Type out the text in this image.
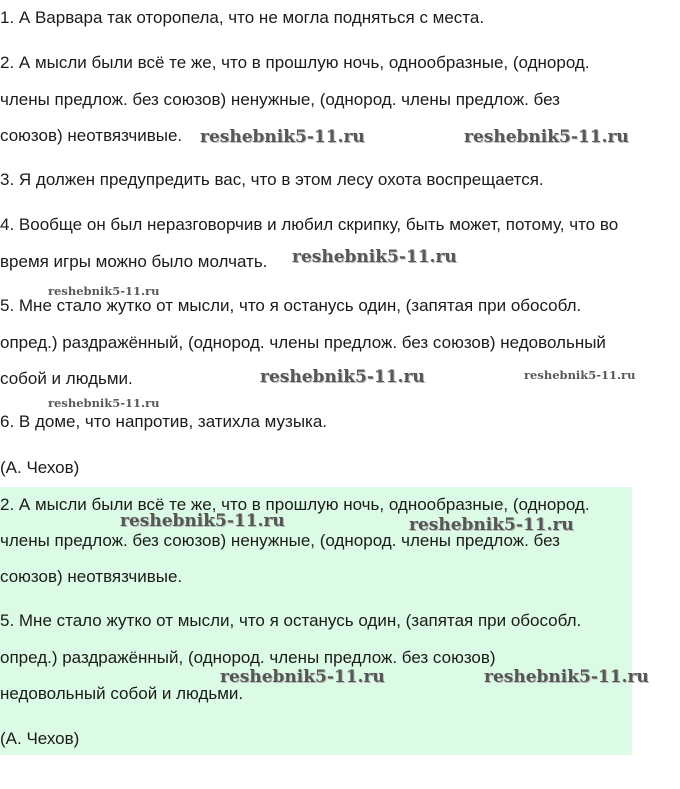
1. А Варвара так оторопела, что не могла подняться с места.
2. А мысли были всё те же, что в прошлую ночь, однообразные, (однород.
члены предлож. без союзов) ненужные, (однород. члены предлож. без
союзов) неотвязчивые.
3. Я должен предупредить вас, что в этом лесу охота воспрещается.
4. Вообще он был неразговорчив и любил скрипку, быть может, потому, что во
время игры можно было молчать.
5. Мне стало жутко от мысли, что я останусь один, (запятая при обособл.
опред.) раздражённый, (однород. члены предлож. без союзов) недовольный
собой и людьми.
6. В доме, что напротив, затихла музыка.
(А. Чехов)
2. А мысли были всё те же, что в прошлую ночь, однообразные, (однород.
члены предлож. без союзов) ненужные, (однород. члены предлож. без
союзов) неотвязчивые.
5. Мне стало жутко от мысли, что я останусь один, (запятая при обособл.
опред.) раздражённый, (однород. члены предлож. без союзов)
недовольный собой и людьми.
(А. Чехов)
reshebnik5-11.ru	reshebnik5-11.ru
reshebnik5-11.ru
reshebnik5-11.ru
reshebnik5-11.ru	reshebnik5-11.ru
reshebnik5-11.ru
reshebnik5-11.ru	reshebnik5-11.ru
reshebnik5-11.ru	reshebnik5-11.ru
